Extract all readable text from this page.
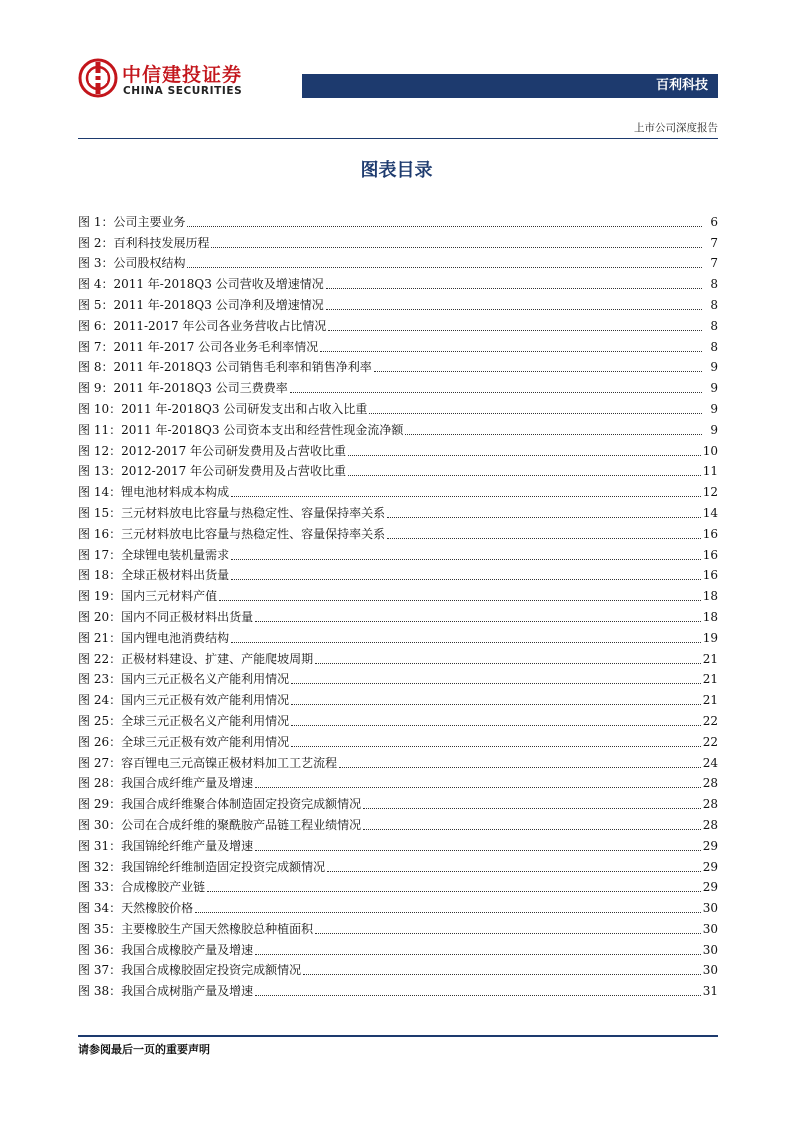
中信建投证券
CHINA SECURITIES	百利科技
上市公司深度报告
图表目录
图 1： 公司主要业务	6
图 2： 百利科技发展历程	7
图 3： 公司股权结构	7
图 4： 2011 年-2018Q3 公司营收及增速情况	8
图 5： 2011 年-2018Q3 公司净利及增速情况	8
图 6： 2011-2017 年公司各业务营收占比情况	8
图 7： 2011 年-2017 公司各业务毛利率情况	8
图 8： 2011 年-2018Q3 公司销售毛利率和销售净利率	9
图 9： 2011 年-2018Q3 公司三费费率	9
图 10： 2011 年-2018Q3 公司研发支出和占收入比重	9
图 11： 2011 年-2018Q3 公司资本支出和经营性现金流净额	9
图 12： 2012-2017 年公司研发费用及占营收比重	10
图 13： 2012-2017 年公司研发费用及占营收比重	11
图 14： 锂电池材料成本构成	12
图 15： 三元材料放电比容量与热稳定性、容量保持率关系	14
图 16： 三元材料放电比容量与热稳定性、容量保持率关系	16
图 17： 全球锂电装机量需求	16
图 18： 全球正极材料出货量	16
图 19： 国内三元材料产值	18
图 20： 国内不同正极材料出货量	18
图 21： 国内锂电池消费结构	19
图 22： 正极材料建设、扩建、产能爬坡周期	21
图 23： 国内三元正极名义产能利用情况	21
图 24： 国内三元正极有效产能利用情况	21
图 25： 全球三元正极名义产能利用情况	22
图 26： 全球三元正极有效产能利用情况	22
图 27： 容百锂电三元高镍正极材料加工工艺流程	24
图 28： 我国合成纤维产量及增速	28
图 29： 我国合成纤维聚合体制造固定投资完成额情况	28
图 30： 公司在合成纤维的聚酰胺产品链工程业绩情况	28
图 31： 我国锦纶纤维产量及增速	29
图 32： 我国锦纶纤维制造固定投资完成额情况	29
图 33： 合成橡胶产业链	29
图 34： 天然橡胶价格	30
图 35： 主要橡胶生产国天然橡胶总种植面积	30
图 36： 我国合成橡胶产量及增速	30
图 37： 我国合成橡胶固定投资完成额情况	30
图 38： 我国合成树脂产量及增速	31
请参阅最后一页的重要声明
